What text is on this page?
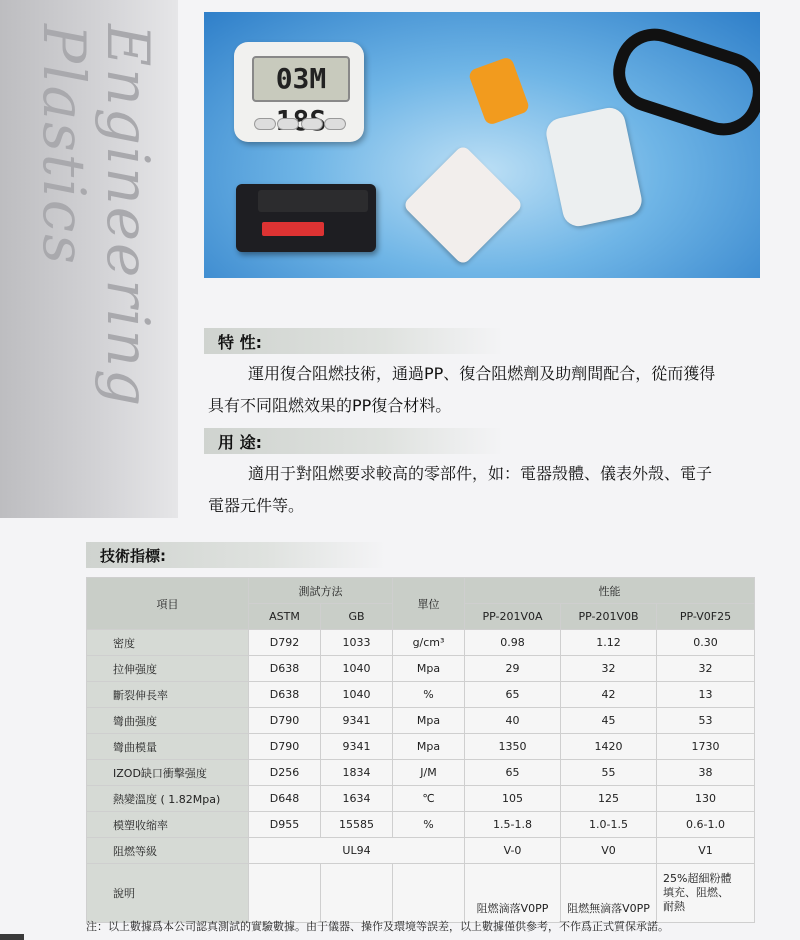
Engineering
Plastics	03M
特 性:
運用復合阻燃技術，通過PP、復合阻燃劑及助劑間配合，從而獲得
具有不同阻燃效果的PP復合材料。
用 途:
適用于對阻燃要求較高的零部件，如：電器殼體、儀表外殼、電子
電器元件等。
技術指標:
項目	測試方法		單位	性能		
	ASTM	GB		PP-201V0A	PP-201V0B	PP-V0F25
密度	D792	1033	g/cm³	0.98	1.12	0.30
拉伸强度	D638	1040	Mpa	29	32	32
斷裂伸長率	D638	1040	%	65	42	13
彎曲强度	D790	9341	Mpa	40	45	53
彎曲模量	D790	9341	Mpa	1350	1420	1730
IZOD缺口衝擊强度	D256	1834	J/M	65	55	38
熱變溫度 ( 1.82Mpa)	D648	1634	℃	105	125	130
模塑收缩率	D955	15585	%	1.5-1.8	1.0-1.5	0.6-1.0
阻燃等級	UL94			V-0	V0	V1
說明				阻燃滴落V0PP	阻燃無滴落V0PP	25%超細粉體
填充、阻燃、
耐熱
注：以上數據爲本公司認真測試的實驗數據。由于儀器、操作及環境等誤差，以上數據僅供參考，不作爲正式質保承諾。
